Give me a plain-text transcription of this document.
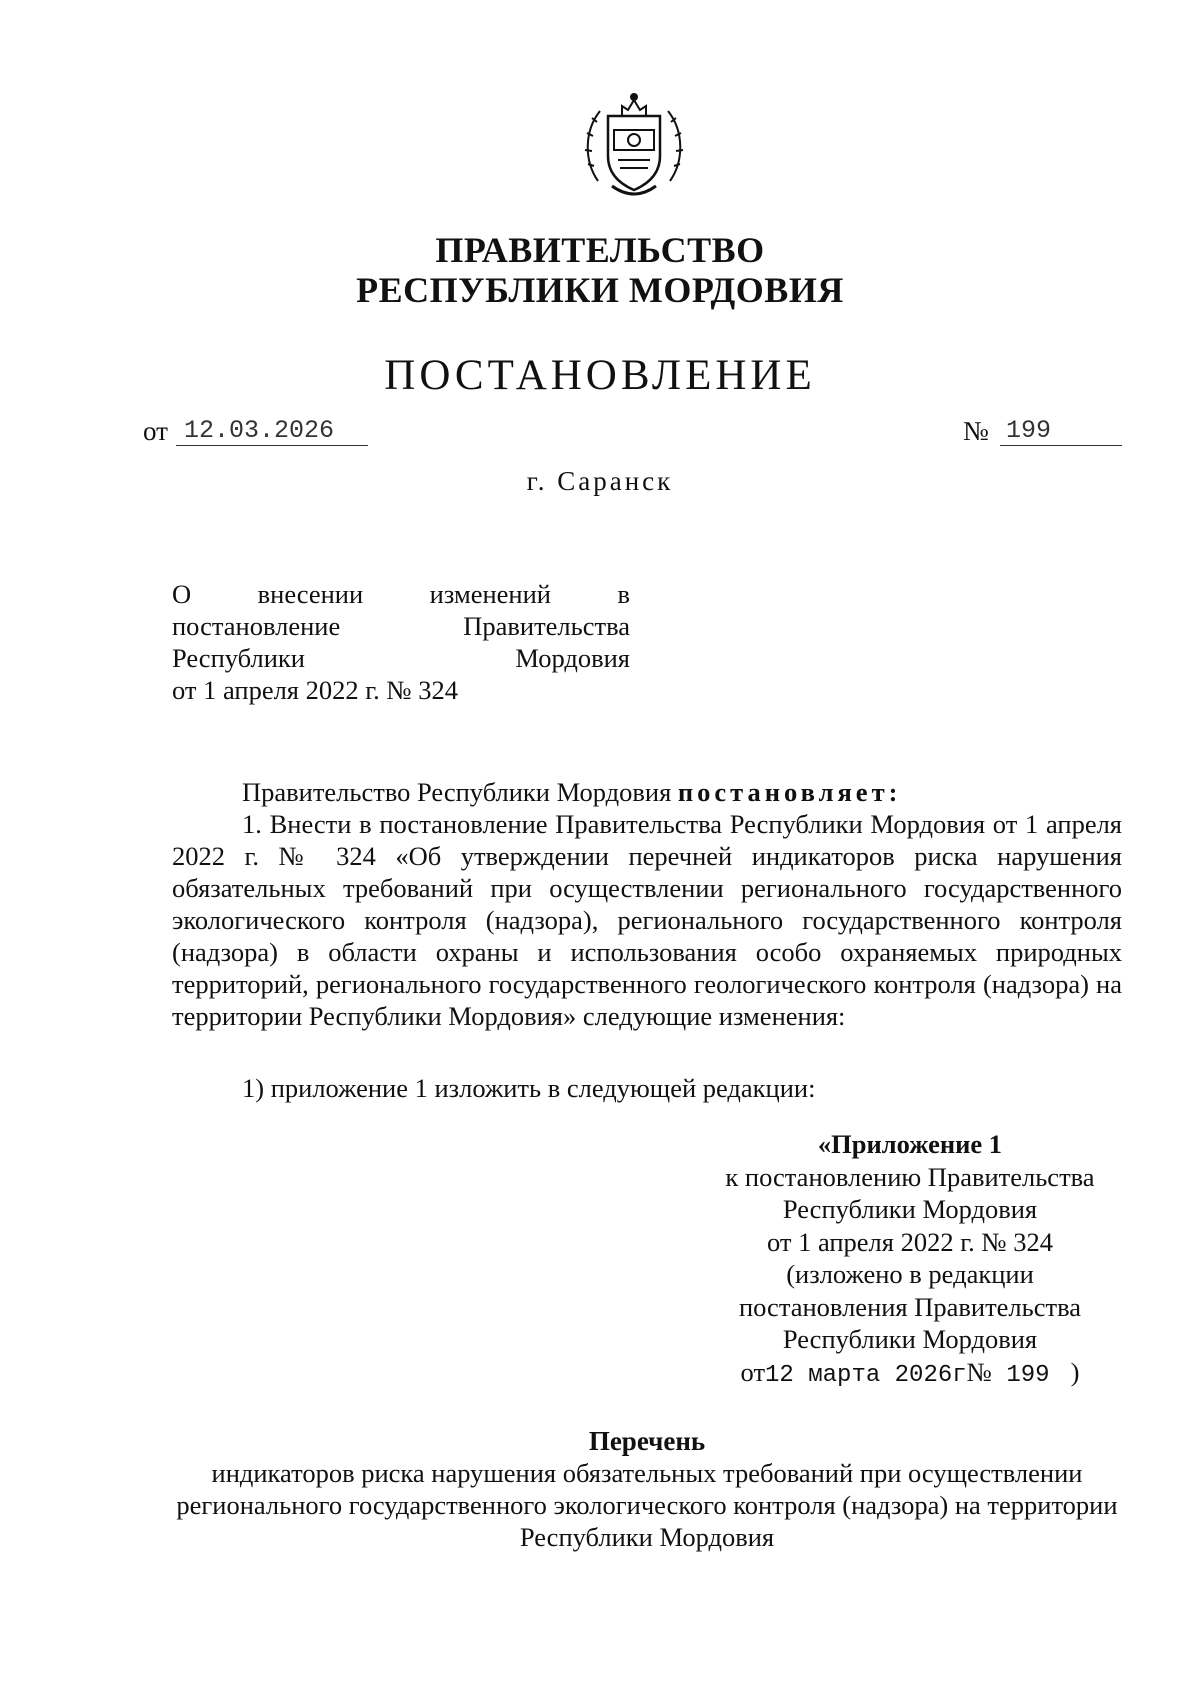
ПРАВИТЕЛЬСТВО
РЕСПУБЛИКИ МОРДОВИЯ
ПОСТАНОВЛЕНИЕ
от 12.03.2026	№ 199
г. Саранск
О внесении изменений в
постановление Правительства
Республики Мордовия
от 1 апреля 2022 г. № 324
Правительство Республики Мордовия постановляет:
1. Внести в постановление Правительства Республики Мордовия от 1 апреля 2022 г. № 324 «Об утверждении перечней индикаторов риска нарушения обязательных требований при осуществлении регионального государственного экологического контроля (надзора), регионального государственного контроля (надзора) в области охраны и использования особо охраняемых природных территорий, регионального государственного геологического контроля (надзора) на территории Республики Мордовия» следующие изменения:
1) приложение 1 изложить в следующей редакции:
«Приложение 1
к постановлению Правительства
Республики Мордовия
от 1 апреля 2022 г. № 324
(изложено в редакции
постановления Правительства
Республики Мордовия
от12 марта 2026г№ 199  )
Перечень
индикаторов риска нарушения обязательных требований при осуществлении регионального государственного экологического контроля (надзора) на территории Республики Мордовия
